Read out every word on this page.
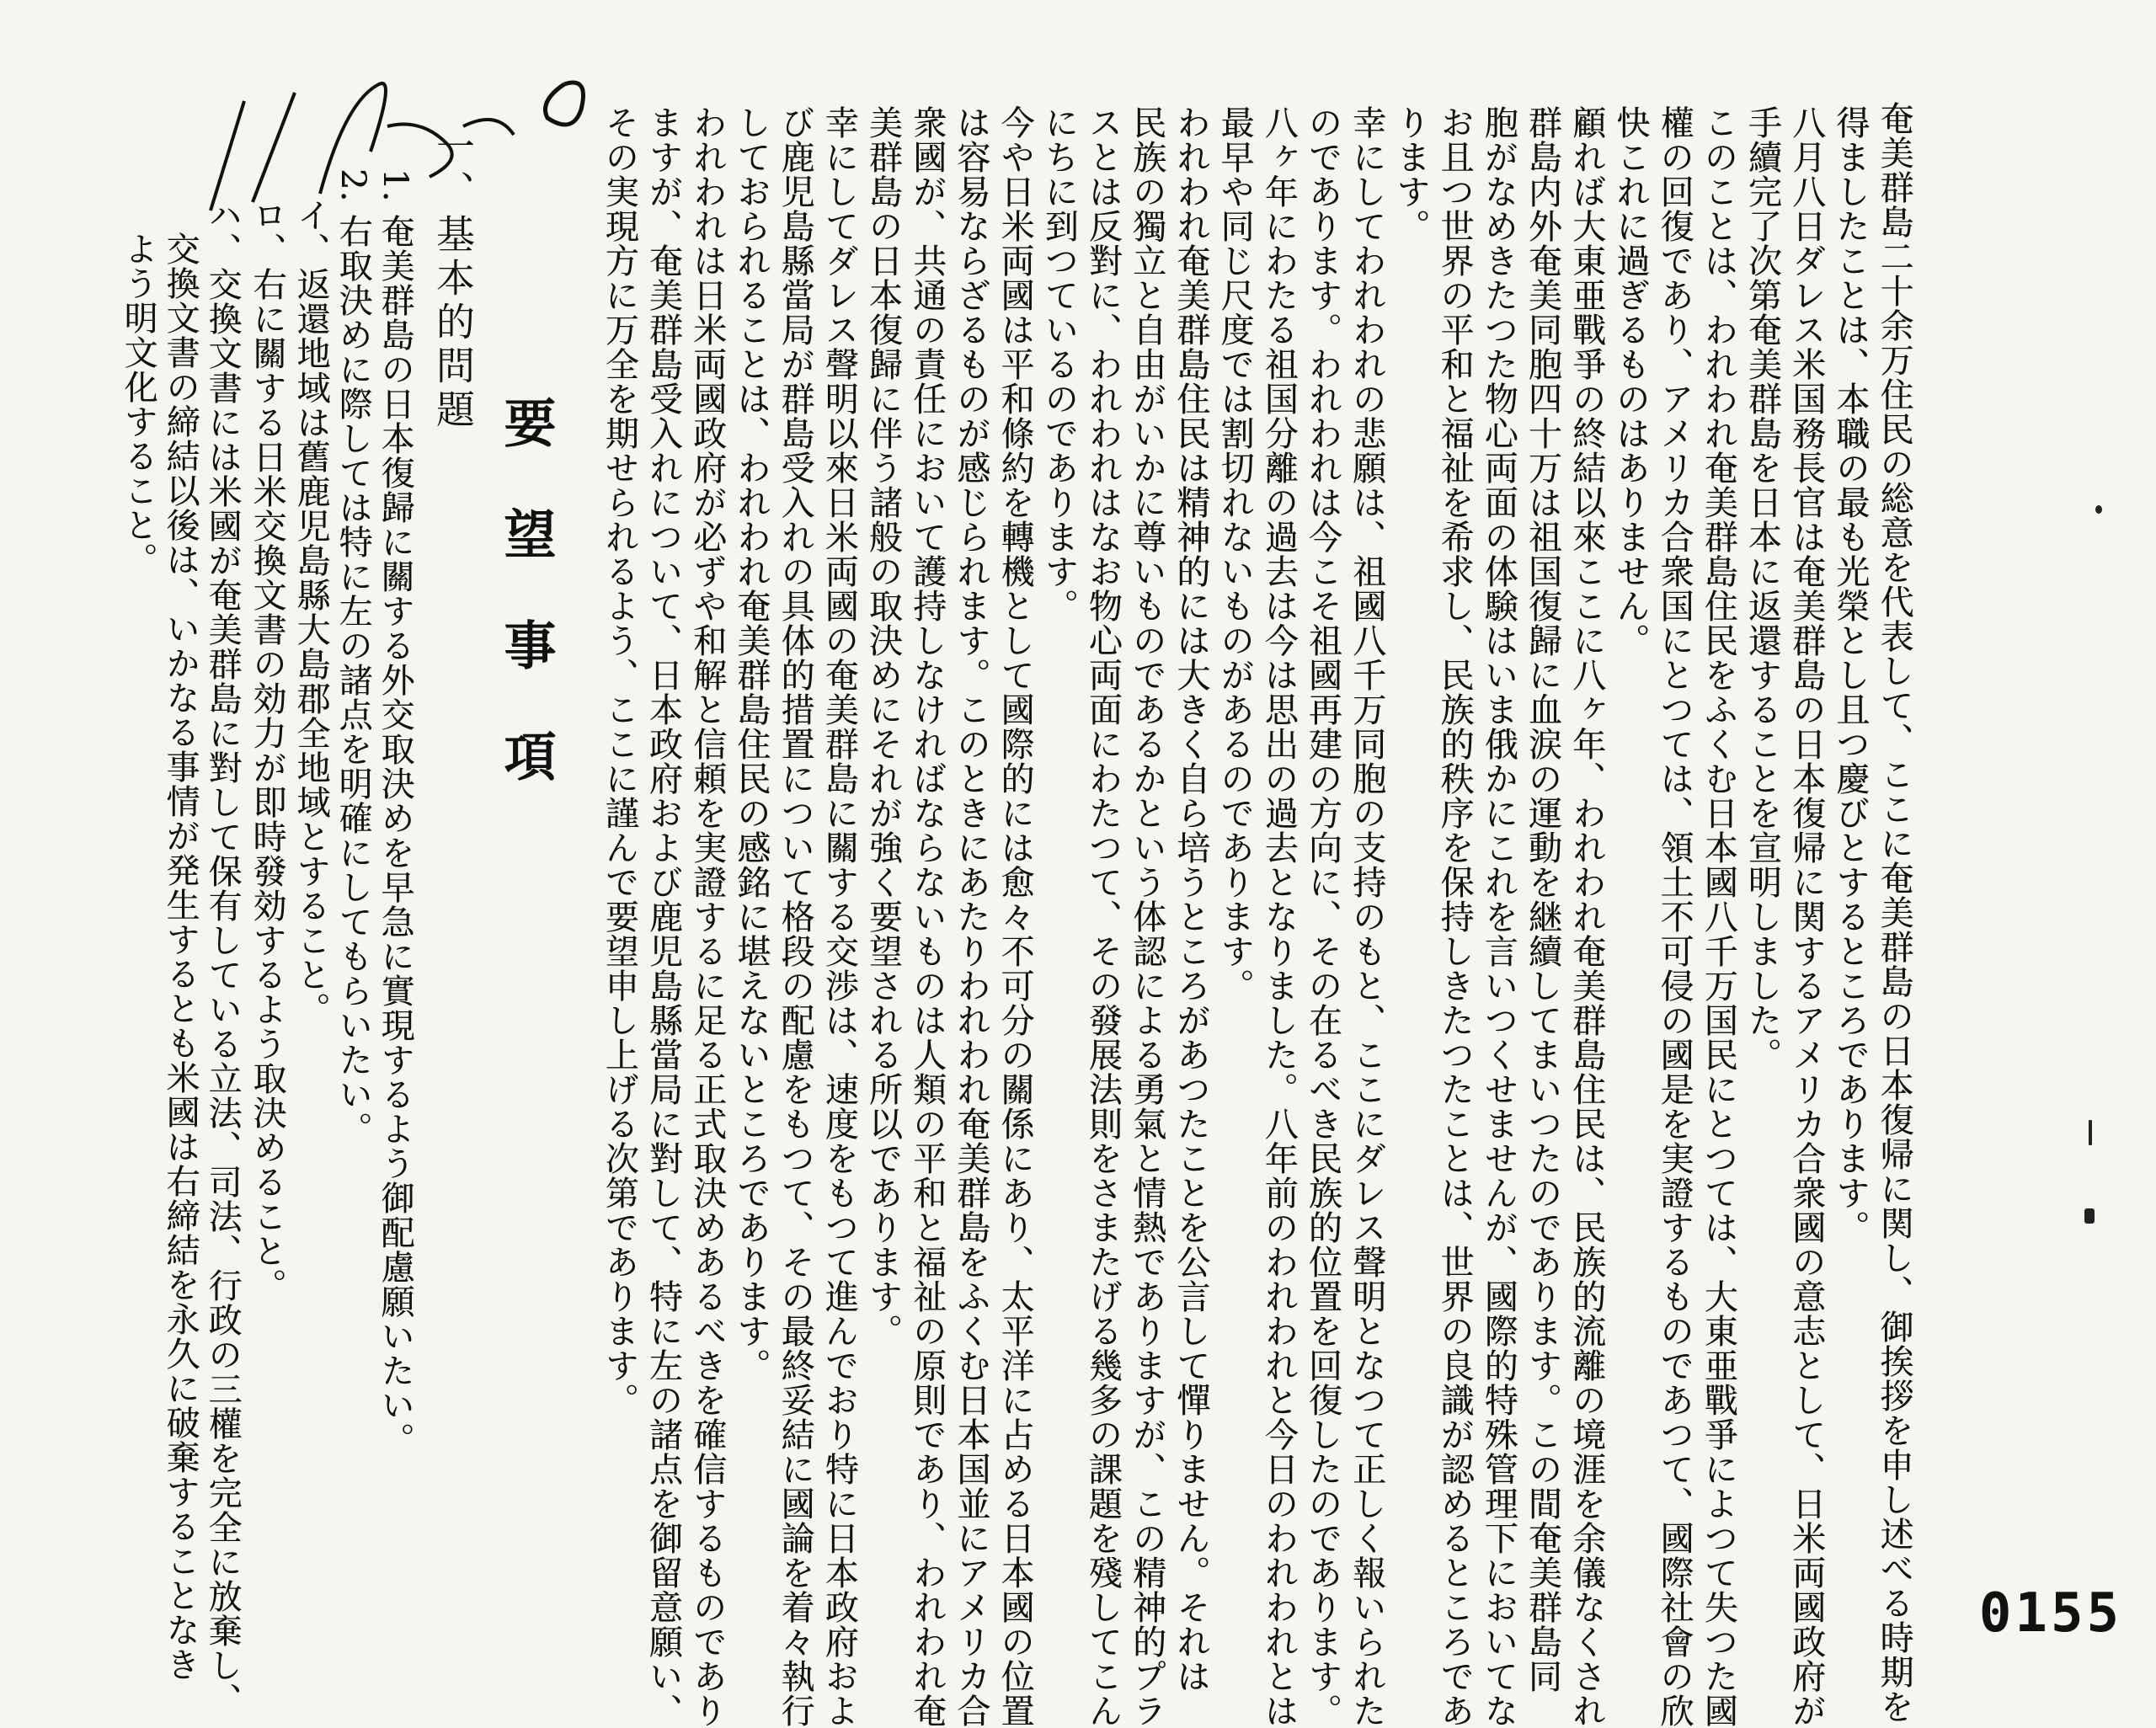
奄美群島二十余万住民の総意を代表して、ここに奄美群島の日本復帰に関し、御挨拶を申し述べる時期を
得ましたことは、本職の最も光榮とし且つ慶びとするところであります。
八月八日ダレス米国務長官は奄美群島の日本復帰に関するアメリカ合衆國の意志として、日米両國政府が
手續完了次第奄美群島を日本に返還することを宣明しました。
このことは、われわれ奄美群島住民をふくむ日本國八千万国民にとつては、大東亜戰爭によつて失つた國
權の回復であり、アメリカ合衆国にとつては、領土不可侵の國是を実證するものであつて、國際社會の欣
快これに過ぎるものはありません。
顧れば大東亜戰爭の終結以來ここに八ヶ年、われわれ奄美群島住民は、民族的流離の境涯を余儀なくされ
群島内外奄美同胞四十万は祖国復歸に血涙の運動を継續してまいつたのであります。この間奄美群島同
胞がなめきたつた物心両面の体験はいま俄かにこれを言いつくせませんが、國際的特殊管理下においてな
お且つ世界の平和と福祉を希求し、民族的秩序を保持しきたつたことは、世界の良識が認めるところであ
ります。
幸にしてわれわれの悲願は、祖國八千万同胞の支持のもと、ここにダレス聲明となつて正しく報いられた
のであります。われわれは今こそ祖國再建の方向に、その在るべき民族的位置を回復したのであります。
八ヶ年にわたる祖国分離の過去は今は思出の過去となりました。八年前のわれわれと今日のわれわれとは
最早や同じ尺度では割切れないものがあるのであります。
われわれ奄美群島住民は精神的には大きく自ら培うところがあつたことを公言して憚りません。それは
民族の獨立と自由がいかに尊いものであるかという体認による勇氣と情熱でありますが、この精神的プラ
スとは反對に、われわれはなお物心両面にわたつて、その發展法則をさまたげる幾多の課題を殘してこん
にちに到つているのであります。
今や日米両國は平和條約を轉機として國際的には愈々不可分の關係にあり、太平洋に占める日本國の位置
は容易ならざるものが感じられます。このときにあたりわれわれ奄美群島をふくむ日本国並にアメリカ合
衆國が、共通の責任において護持しなければならないものは人類の平和と福祉の原則であり、われわれ奄
美群島の日本復歸に伴う諸般の取決めにそれが強く要望される所以であります。
幸にしてダレス聲明以來日米両國の奄美群島に關する交渉は、速度をもつて進んでおり特に日本政府およ
び鹿児島縣當局が群島受入れの具体的措置について格段の配慮をもつて、その最終妥結に國論を着々執行
しておられることは、われわれ奄美群島住民の感銘に堪えないところであります。
われわれは日米両國政府が必ずや和解と信頼を実證するに足る正式取決めあるべきを確信するものであり
ますが、奄美群島受入れについて、日本政府および鹿児島縣當局に對して、特に左の諸点を御留意願い、
その実現方に万全を期せられるよう、ここに謹んで要望申し上げる次第であります。
要望事項
一、基本的問題
1. 奄美群島の日本復歸に關する外交取決めを早急に實現するよう御配慮願いたい。
2. 右取決めに際しては特に左の諸点を明確にしてもらいたい。
イ、返還地域は舊鹿児島縣大島郡全地域とすること。
ロ、右に關する日米交換文書の効力が即時發効するよう取決めること。
ハ、交換文書には米國が奄美群島に對して保有している立法、司法、行政の三權を完全に放棄し、
交換文書の締結以後は、いかなる事情が発生するとも米國は右締結を永久に破棄することなき
よう明文化すること。
0155
